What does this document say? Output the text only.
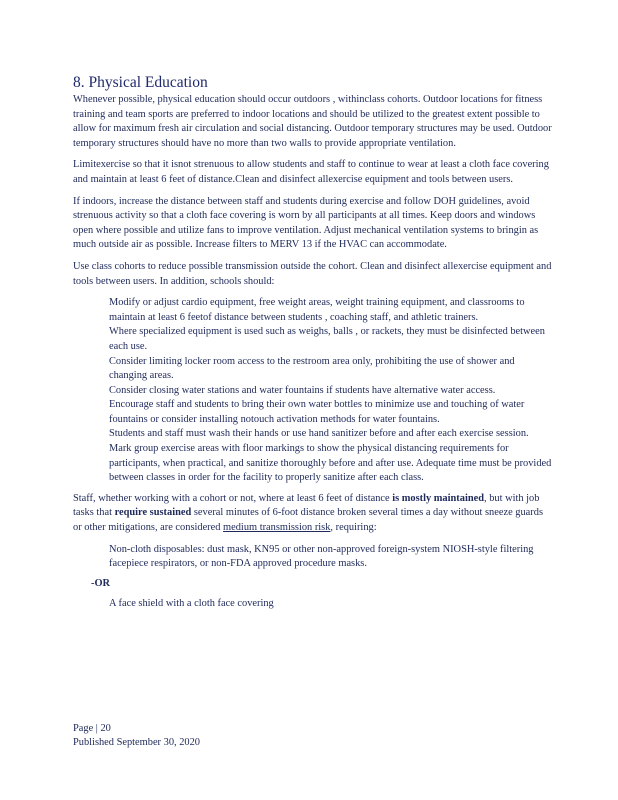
8. Physical Education

Whenever possible, physical education should occur outdoors , withinclass cohorts. Outdoor locations for fitness training and team sports are preferred to indoor locations and should be utilized to the greatest extent possible to allow for maximum fresh air circulation and social distancing. Outdoor temporary structures may be used. Outdoor temporary structures should have no more than two walls to provide appropriate ventilation.

Limitexercise so that it isnot strenuous to allow students and staff to continue to wear at least a cloth face covering and maintain at least 6 feet of distance.Clean and disinfect allexercise equipment and tools between users.

If indoors, increase the distance between staff and students during exercise and follow DOH guidelines, avoid strenuous activity so that a cloth face covering is worn by all participants at all times. Keep doors and windows open where possible and utilize fans to improve ventilation. Adjust mechanical ventilation systems to bringin as much outside air as possible. Increase filters to MERV 13 if the HVAC can accommodate.

Use class cohorts to reduce possible transmission outside the cohort. Clean and disinfect allexercise equipment and tools between users. In addition, schools should:

Modify or adjust cardio equipment, free weight areas, weight training equipment, and classrooms to maintain at least 6 feetof distance between students , coaching staff, and athletic trainers.
Where specialized equipment is used such as weighs, balls , or rackets, they must be disinfected between each use.
Consider limiting locker room access to the restroom area only, prohibiting the use of shower and changing areas.
Consider closing water stations and water fountains if students have alternative water access.
Encourage staff and students to bring their own water bottles to minimize use and touching of water fountains or consider installing notouch activation methods for water fountains.
Students and staff must wash their hands or use hand sanitizer before and after each exercise session.
Mark group exercise areas with floor markings to show the physical distancing requirements for participants, when practical, and sanitize thoroughly before and after use. Adequate time must be provided between classes in order for the facility to properly sanitize after each class.

Staff, whether working with a cohort or not, where at least 6 feet of distance is mostly maintained, but with job tasks that require sustained several minutes of 6-foot distance broken several times a day without sneeze guards or other mitigations, are considered medium transmission risk, requiring:

Non-cloth disposables: dust mask, KN95 or other non-approved foreign-system NIOSH-style filtering facepiece respirators, or non-FDA approved procedure masks.
-OR
A face shield with a cloth face covering
Page | 20
Published September 30, 2020
